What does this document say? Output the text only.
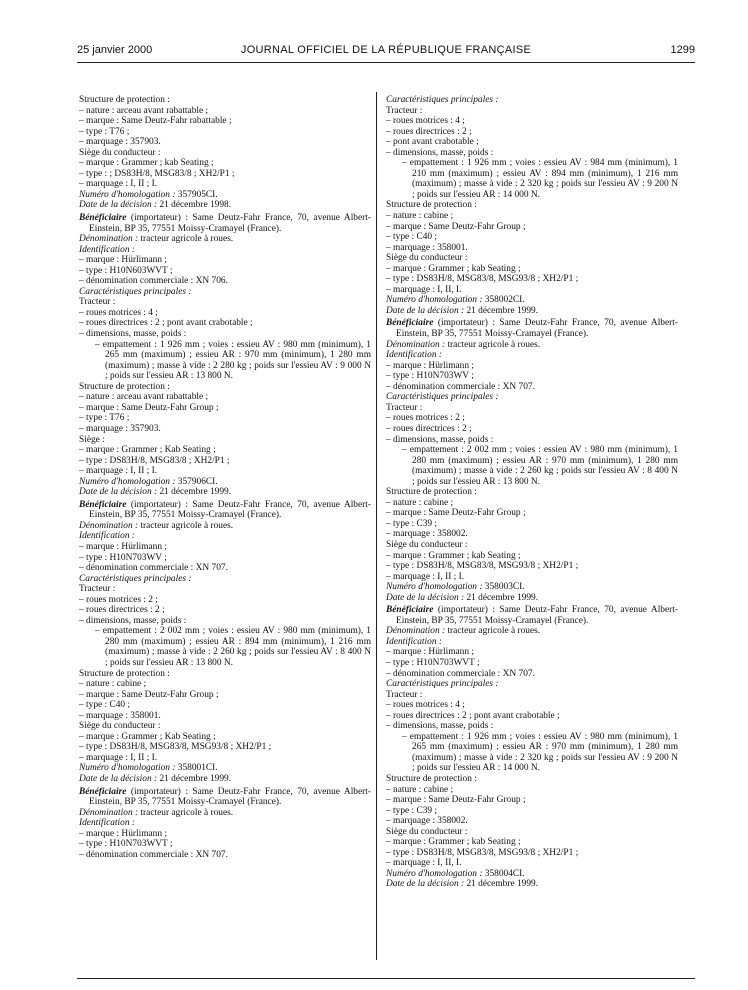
25 janvier 2000	JOURNAL OFFICIEL DE LA RÉPUBLIQUE FRANÇAISE	1299

Structure de protection :

– nature : arceau avant rabattable ;

– marque : Same Deutz-Fahr rabattable ;

– type : T76 ;

– marquage : 357903.

Siège du conducteur :

– marque : Grammer ; kab Seating ;

– type : ; DS83H/8, MSG83/8 ; XH2/P1 ;

– marquage : I, II ; I.

Numéro d'homologation : 357905CI.

Date de la décision : 21 décembre 1998.

Bénéficiaire (importateur) : Same Deutz-Fahr France, 70, avenue Albert-Einstein, BP 35, 77551 Moissy-Cramayel (France).

Dénomination : tracteur agricole à roues.

Identification :

– marque : Hürlimann ;

– type : H10N603WVT ;

– dénomination commerciale : XN 706.

Caractéristiques principales :

Tracteur :

– roues motrices : 4 ;

– roues directrices : 2 ; pont avant crabotable ;

– dimensions, masse, poids :

– empattement : 1 926 mm ; voies : essieu AV : 980 mm (minimum), 1 265 mm (maximum) ; essieu AR : 970 mm (minimum), 1 280 mm (maximum) ; masse à vide : 2 280 kg ; poids sur l'essieu AV : 9 000 N ; poids sur l'essieu AR : 13 800 N.

Structure de protection :

– nature : arceau avant rabattable ;

– marque : Same Deutz-Fahr Group ;

– type : T76 ;

– marquage : 357903.

Siège :

– marque : Grammer ; Kab Seating ;

– type : DS83H/8, MSG83/8 ; XH2/P1 ;

– marquage : I, II ; I.

Numéro d'homologation : 357906CI.

Date de la décision : 21 décembre 1999.

Bénéficiaire (importateur) : Same Deutz-Fahr France, 70, avenue Albert-Einstein, BP 35, 77551 Moissy-Cramayel (France).

Dénomination : tracteur agricole à roues.

Identification :

– marque : Hürlimann ;

– type : H10N703WV ;

– dénomination commerciale : XN 707.

Caractéristiques principales :

Tracteur :

– roues motrices : 2 ;

– roues directrices : 2 ;

– dimensions, masse, poids :

– empattement : 2 002 mm ; voies : essieu AV : 980 mm (minimum), 1 280 mm (maximum) ; essieu AR : 894 mm (minimum), 1 216 mm (maximum) ; masse à vide : 2 260 kg ; poids sur l'essieu AV : 8 400 N ; poids sur l'essieu AR : 13 800 N.

Structure de protection :

– nature : cabine ;

– marque : Same Deutz-Fahr Group ;

– type : C40 ;

– marquage : 358001.

Siège du conducteur :

– marque : Grammer ; Kab Seating ;

– type : DS83H/8, MSG83/8, MSG93/8 ; XH2/P1 ;

– marquage : I, II ; I.

Numéro d'homologation : 358001CI.

Date de la décision : 21 décembre 1999.

Bénéficiaire (importateur) : Same Deutz-Fahr France, 70, avenue Albert-Einstein, BP 35, 77551 Moissy-Cramayel (France).

Dénomination : tracteur agricole à roues.

Identification :

– marque : Hürlimann ;

– type : H10N703WVT ;

– dénomination commerciale : XN 707.

Caractéristiques principales :

Tracteur :

– roues motrices : 4 ;

– roues directrices : 2 ;

– pont avant crabotable ;

– dimensions, masse, poids :

– empattement : 1 926 mm ; voies : essieu AV : 984 mm (minimum), 1 210 mm (maximum) ; essieu AV : 894 mm (minimum), 1 216 mm (maximum) ; masse à vide : 2 320 kg ; poids sur l'essieu AV : 9 200 N ; poids sur l'essieu AR : 14 000 N.

Structure de protection :

– nature : cabine ;

– marque : Same Deutz-Fahr Group ;

– type : C40 ;

– marquage : 358001.

Siège du conducteur :

– marque : Grammer ; kab Seating ;

– type : DS83H/8, MSG83/8, MSG93/8 ; XH2/P1 ;

– marquage : I, II, I.

Numéro d'homologation : 358002CI.

Date de la décision : 21 décembre 1999.

Bénéficiaire (importateur) : Same Deutz-Fahr France, 70, avenue Albert-Einstein, BP 35, 77551 Moissy-Cramayel (France).

Dénomination : tracteur agricole à roues.

Identification :

– marque : Hürlimann ;

– type : H10N703WV ;

– dénomination commerciale : XN 707.

Caractéristiques principales :

Tracteur :

– roues motrices : 2 ;

– roues directrices : 2 ;

– dimensions, masse, poids :

– empattement : 2 002 mm ; voies : essieu AV : 980 mm (minimum), 1 280 mm (maximum) ; essieu AR : 970 mm (minimum), 1 280 mm (maximum) ; masse à vide : 2 260 kg ; poids sur l'essieu AV : 8 400 N ; poids sur l'essieu AR : 13 800 N.

Structure de protection :

– nature : cabine ;

– marque : Same Deutz-Fahr Group ;

– type : C39 ;

– marquage : 358002.

Siège du conducteur :

– marque : Grammer ; kab Seating ;

– type : DS83H/8, MSG83/8, MSG93/8 ; XH2/P1 ;

– marquage : I, II ; I.

Numéro d'homologation : 358003CI.

Date de la décision : 21 décembre 1999.

Bénéficiaire (importateur) : Same Deutz-Fahr France, 70, avenue Albert-Einstein, BP 35, 77551 Moissy-Cramayel (France).

Dénomination : tracteur agricole à roues.

Identification :

– marque : Hürlimann ;

– type : H10N703WVT ;

– dénomination commerciale : XN 707.

Caractéristiques principales :

Tracteur :

– roues motrices : 4 ;

– roues directrices : 2 ; pont avant crabotable ;

– dimensions, masse, poids :

– empattement : 1 926 mm ; voies : essieu AV : 980 mm (minimum), 1 265 mm (maximum) ; essieu AR : 970 mm (minimum), 1 280 mm (maximum) ; masse à vide : 2 320 kg ; poids sur l'essieu AV : 9 200 N ; poids sur l'essieu AR : 14 000 N.

Structure de protection :

– nature : cabine ;

– marque : Same Deutz-Fahr Group ;

– type : C39 ;

– marquage : 358002.

Siège du conducteur :

– marque : Grammer ; kab Seating ;

– type : DS83H/8, MSG83/8, MSG93/8 ; XH2/P1 ;

– marquage : I, II, I.

Numéro d'homologation : 358004CI.

Date de la décision : 21 décembre 1999.
